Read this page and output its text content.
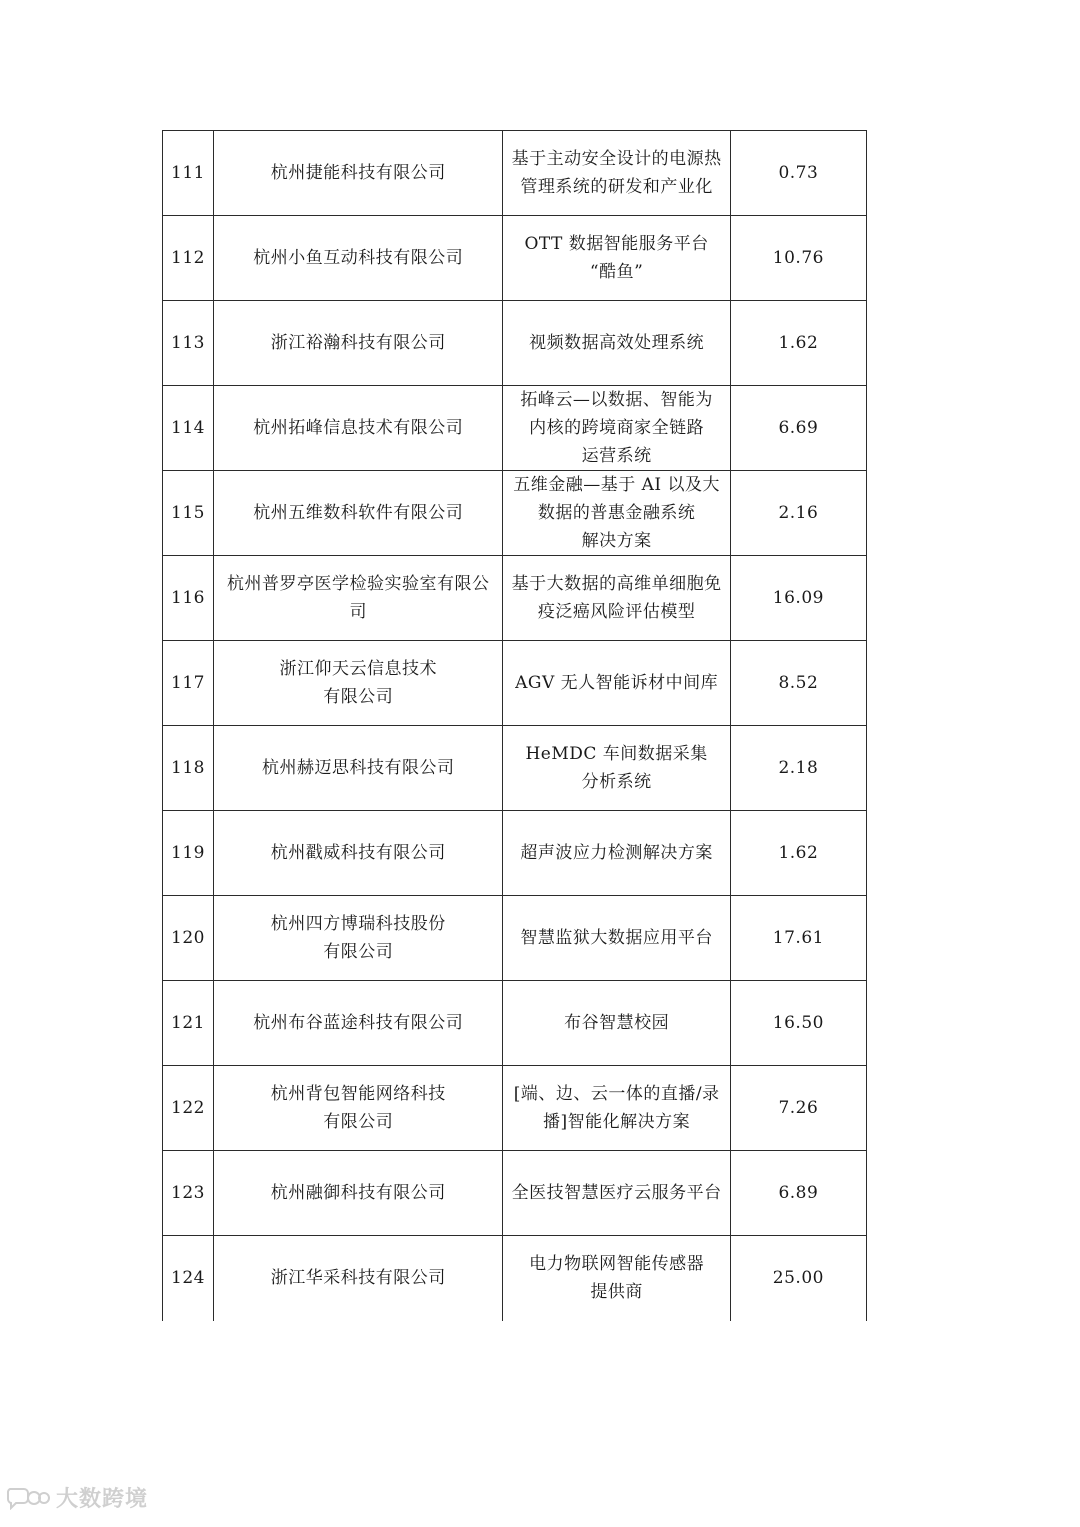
111	杭州捷能科技有限公司	基于主动安全设计的电源热
管理系统的研发和产业化	0.73
112	杭州小鱼互动科技有限公司	OTT 数据智能服务平台
“酷鱼”	10.76
113	浙江裕瀚科技有限公司	视频数据高效处理系统	1.62
114	杭州拓峰信息技术有限公司	拓峰云—以数据、智能为
内核的跨境商家全链路
运营系统	6.69
115	杭州五维数科软件有限公司	五维金融—基于 AI 以及大
数据的普惠金融系统
解决方案	2.16
116	杭州普罗亭医学检验实验室有限公
司	基于大数据的高维单细胞免
疫泛癌风险评估模型	16.09
117	浙江仰天云信息技术
有限公司	AGV 无人智能诉材中间库	8.52
118	杭州赫迈思科技有限公司	HeMDC 车间数据采集
分析系统	2.18
119	杭州戳威科技有限公司	超声波应力检测解决方案	1.62
120	杭州四方博瑞科技股份
有限公司	智慧监狱大数据应用平台	17.61
121	杭州布谷蓝途科技有限公司	布谷智慧校园	16.50
122	杭州背包智能网络科技
有限公司	[端、边、云一体的直播/录
播]智能化解决方案	7.26
123	杭州融御科技有限公司	全医技智慧医疗云服务平台	6.89
124	浙江华采科技有限公司	电力物联网智能传感器
提供商	25.00
大数跨境
